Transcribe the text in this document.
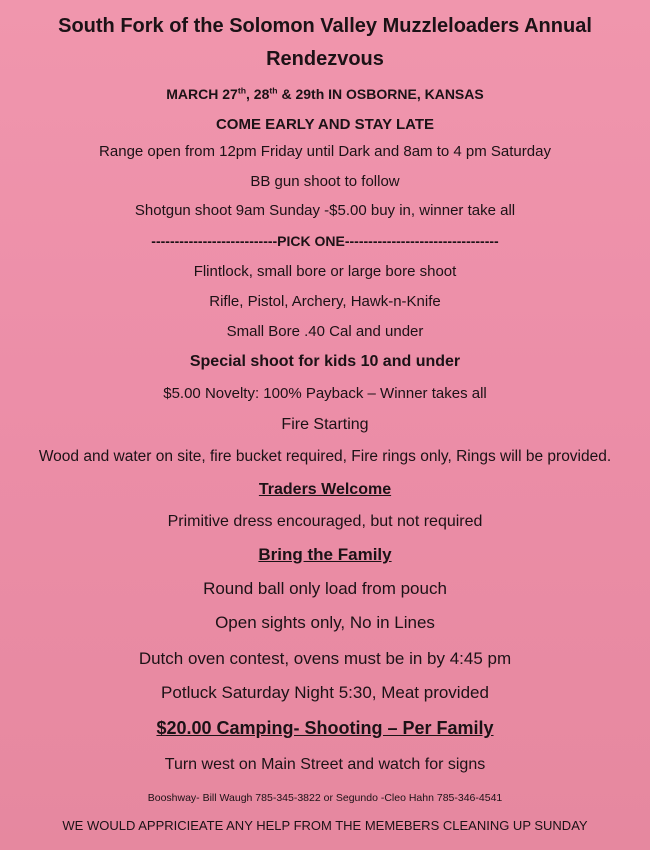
South Fork of the Solomon Valley Muzzleloaders Annual
Rendezvous
MARCH 27th, 28th & 29th IN OSBORNE, KANSAS
COME EARLY AND STAY LATE
Range open from 12pm Friday until Dark and 8am to 4 pm Saturday
BB gun shoot to follow
Shotgun shoot 9am Sunday -$5.00 buy in, winner take all
---------------------------PICK ONE---------------------------------
Flintlock, small bore or large bore shoot
Rifle, Pistol, Archery, Hawk-n-Knife
Small Bore .40 Cal and under
Special shoot for kids 10 and under
$5.00 Novelty: 100% Payback – Winner takes all
Fire Starting
Wood and water on site, fire bucket required, Fire rings only, Rings will be provided.
Traders Welcome
Primitive dress encouraged, but not required
Bring the Family
Round ball only load from pouch
Open sights only, No in Lines
Dutch oven contest, ovens must be in by 4:45 pm
Potluck Saturday Night 5:30, Meat provided
$20.00 Camping- Shooting – Per Family
Turn west on Main Street and watch for signs
Booshway- Bill Waugh 785-345-3822 or Segundo -Cleo Hahn 785-346-4541
WE WOULD APPRICIEATE ANY HELP FROM THE MEMEBERS CLEANING UP SUNDAY
